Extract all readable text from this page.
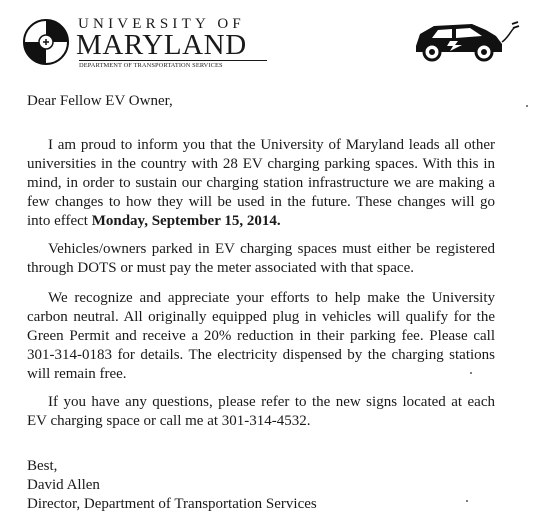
UNIVERSITY OF
MARYLAND
DEPARTMENT OF TRANSPORTATION SERVICES

Dear Fellow EV Owner,

I am proud to inform you that the University of Maryland leads all other universities in the country with 28 EV charging parking spaces. With this in mind, in order to sustain our charging station infrastructure we are making a few changes to how they will be used in the future. These changes will go into effect Monday, September 15, 2014.

Vehicles/owners parked in EV charging spaces must either be registered through DOTS or must pay the meter associated with that space.

We recognize and appreciate your efforts to help make the University carbon neutral. All originally equipped plug in vehicles will qualify for the Green Permit and receive a 20% reduction in their parking fee. Please call 301-314-0183 for details. The electricity dispensed by the charging stations will remain free.

If you have any questions, please refer to the new signs located at each EV charging space or call me at 301-314-4532.

Best,
David Allen
Director, Department of Transportation Services
